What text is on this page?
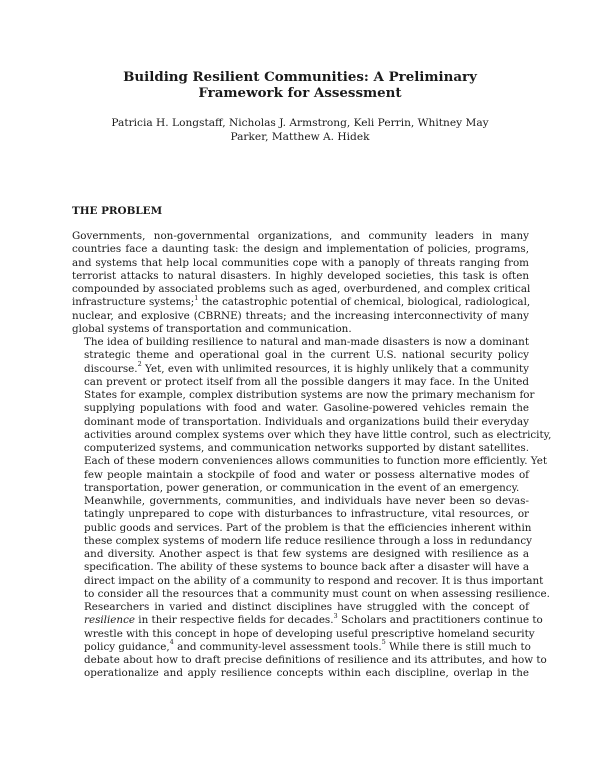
Building Resilient Communities: A Preliminary
Framework for Assessment
Patricia H. Longstaff, Nicholas J. Armstrong, Keli Perrin, Whitney May
Parker, Matthew A. Hidek
THE PROBLEM
Governments, non-governmental organizations, and community leaders in many
countries face a daunting task: the design and implementation of policies, programs,
and systems that help local communities cope with a panoply of threats ranging from
terrorist attacks to natural disasters. In highly developed societies, this task is often
compounded by associated problems such as aged, overburdened, and complex critical
infrastructure systems;$^1$ the catastrophic potential of chemical, biological, radiological,
nuclear, and explosive (CBRNE) threats; and the increasing interconnectivity of many
global systems of transportation and communication.
The idea of building resilience to natural and man-made disasters is now a dominant
strategic theme and operational goal in the current U.S. national security policy
discourse.$^2$ Yet, even with unlimited resources, it is highly unlikely that a community
can prevent or protect itself from all the possible dangers it may face. In the United
States for example, complex distribution systems are now the primary mechanism for
supplying populations with food and water. Gasoline-powered vehicles remain the
dominant mode of transportation. Individuals and organizations build their everyday
activities around complex systems over which they have little control, such as electricity,
computerized systems, and communication networks supported by distant satellites.
Each of these modern conveniences allows communities to function more efficiently. Yet
few people maintain a stockpile of food and water or possess alternative modes of
transportation, power generation, or communication in the event of an emergency.
Meanwhile, governments, communities, and individuals have never been so devas-
tatingly unprepared to cope with disturbances to infrastructure, vital resources, or
public goods and services. Part of the problem is that the efficiencies inherent within
these complex systems of modern life reduce resilience through a loss in redundancy
and diversity. Another aspect is that few systems are designed with resilience as a
specification. The ability of these systems to bounce back after a disaster will have a
direct impact on the ability of a community to respond and recover. It is thus important
to consider all the resources that a community must count on when assessing resilience.
Researchers in varied and distinct disciplines have struggled with the concept of
resilience in their respective fields for decades.$^3$ Scholars and practitioners continue to
wrestle with this concept in hope of developing useful prescriptive homeland security
policy guidance,$^4$ and community-level assessment tools.$^5$ While there is still much to
debate about how to draft precise definitions of resilience and its attributes, and how to
operationalize and apply resilience concepts within each discipline, overlap in the
